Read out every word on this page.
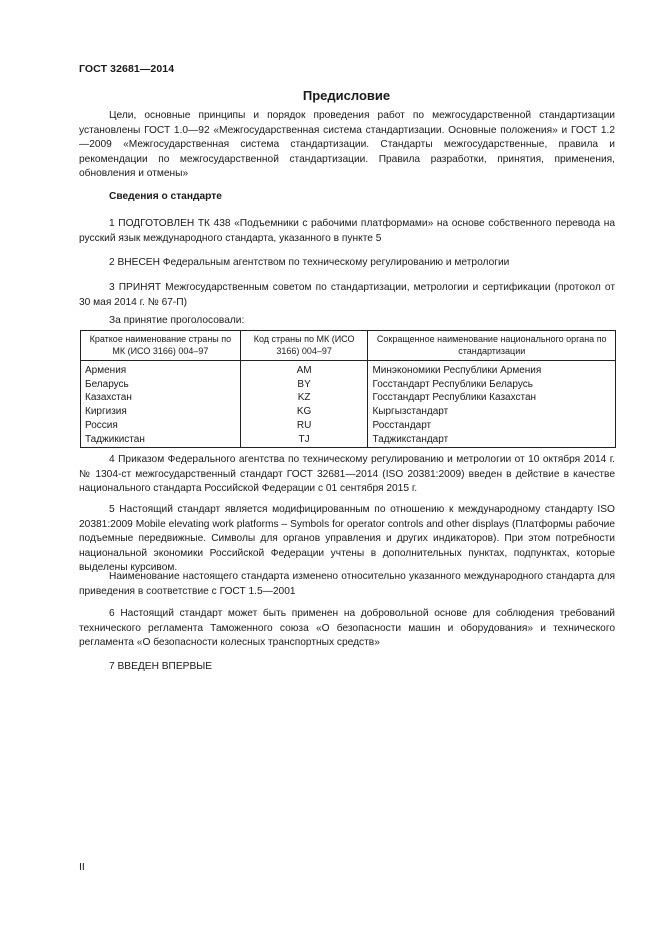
ГОСТ 32681—2014
Предисловие

Цели, основные принципы и порядок проведения работ по межгосударственной стандартизации установлены ГОСТ 1.0—92 «Межгосударственная система стандартизации. Основные положения» и ГОСТ 1.2—2009 «Межгосударственная система стандартизации. Стандарты межгосударственные, правила и рекомендации по межгосударственной стандартизации. Правила разработки, принятия, применения, обновления и отмены»

Сведения о стандарте

1 ПОДГОТОВЛЕН ТК 438 «Подъемники с рабочими платформами» на основе собственного перевода на русский язык международного стандарта, указанного в пункте 5

2 ВНЕСЕН Федеральным агентством по техническому регулированию и метрологии

3 ПРИНЯТ Межгосударственным советом по стандартизации, метрологии и сертификации (протокол от 30 мая 2014 г. № 67-П)

За принятие проголосовали:
Краткое наименование страны по МК (ИСО 3166) 004–97	Код страны по МК (ИСО 3166) 004–97	Сокращенное наименование национального органа по стандартизации
Армения	AM	Минэкономики Республики Армения
Беларусь	BY	Госстандарт Республики Беларусь
Казахстан	KZ	Госстандарт Республики Казахстан
Киргизия	KG	Кыргызстандарт
Россия	RU	Росстандарт
Таджикистан	TJ	Таджикстандарт

4 Приказом Федерального агентства по техническому регулированию и метрологии от 10 октября 2014 г. № 1304-ст межгосударственный стандарт ГОСТ 32681—2014 (ISO 20381:2009) введен в действие в качестве национального стандарта Российской Федерации с 01 сентября 2015 г.

5 Настоящий стандарт является модифицированным по отношению к международному стандарту ISO 20381:2009 Mobile elevating work platforms – Symbols for operator controls and other displays (Платформы рабочие подъемные передвижные. Символы для органов управления и других индикаторов). При этом потребности национальной экономики Российской Федерации учтены в дополнительных пунктах, подпунктах, которые выделены курсивом.

Наименование настоящего стандарта изменено относительно указанного международного стандарта для приведения в соответствие с ГОСТ 1.5—2001

6 Настоящий стандарт может быть применен на добровольной основе для соблюдения требований технического регламента Таможенного союза «О безопасности машин и оборудования» и технического регламента «О безопасности колесных транспортных средств»

7 ВВЕДЕН ВПЕРВЫЕ

II
